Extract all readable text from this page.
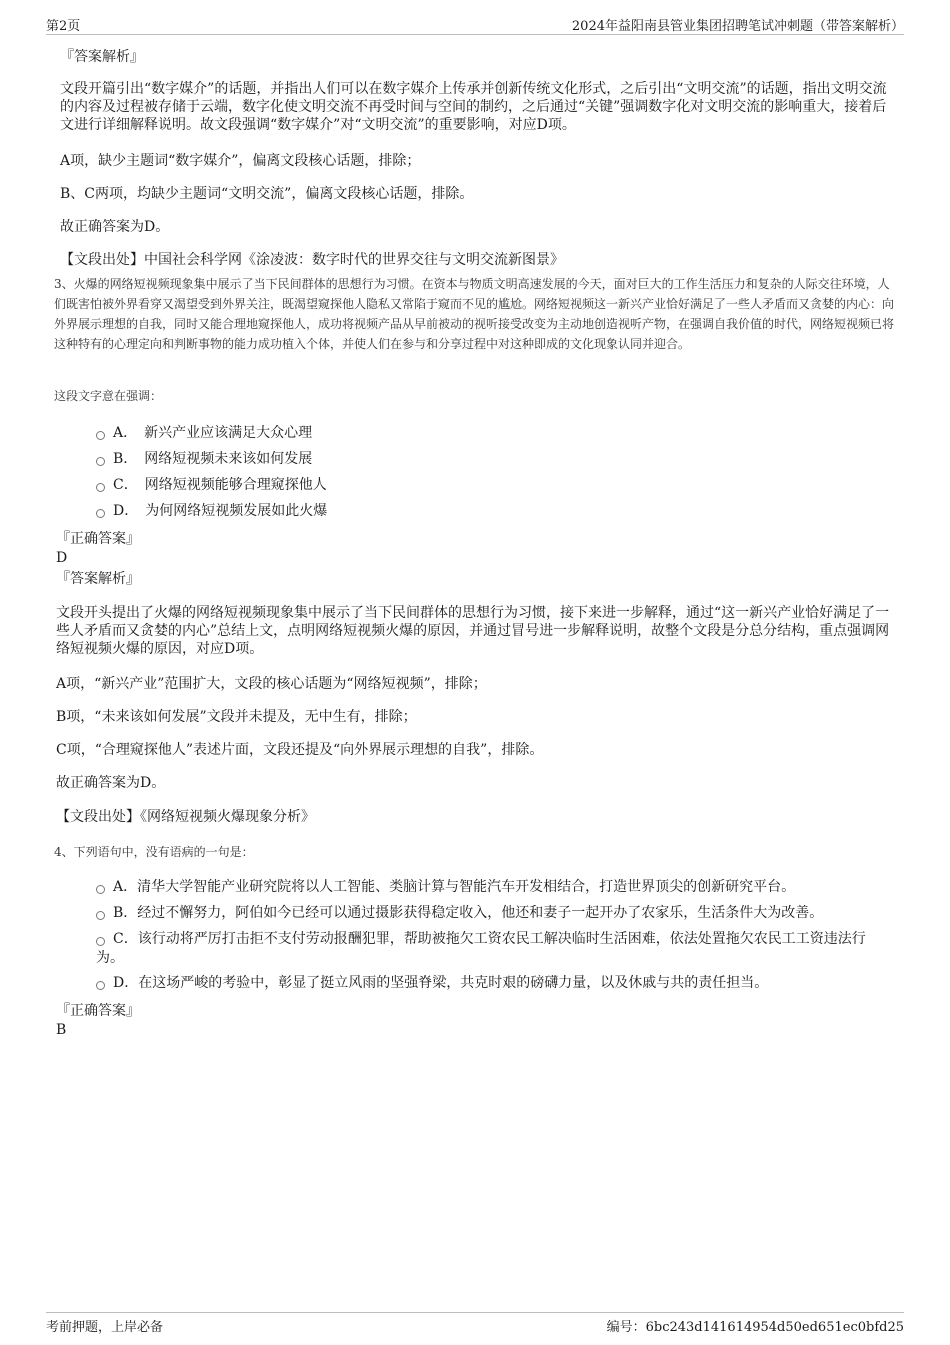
第2页	2024年益阳南县管业集团招聘笔试冲刺题（带答案解析）
『答案解析』
文段开篇引出“数字媒介”的话题，并指出人们可以在数字媒介上传承并创新传统文化形式，之后引出“文明交流”的话题，指出文明交流的内容及过程被存储于云端，数字化使文明交流不再受时间与空间的制约，之后通过“关键”强调数字化对文明交流的影响重大，接着后文进行详细解释说明。故文段强调“数字媒介”对“文明交流”的重要影响，对应D项。
A项，缺少主题词“数字媒介”，偏离文段核心话题，排除；
B、C两项，均缺少主题词“文明交流”，偏离文段核心话题，排除。
故正确答案为D。
【文段出处】中国社会科学网《涂凌波：数字时代的世界交往与文明交流新图景》
3、火爆的网络短视频现象集中展示了当下民间群体的思想行为习惯。在资本与物质文明高速发展的今天，面对巨大的工作生活压力和复杂的人际交往环境，人们既害怕被外界看穿又渴望受到外界关注，既渴望窥探他人隐私又常陷于窥而不见的尴尬。网络短视频这一新兴产业恰好满足了一些人矛盾而又贪婪的内心：向外界展示理想的自我，同时又能合理地窥探他人，成功将视频产品从早前被动的视听接受改变为主动地创造视听产物，在强调自我价值的时代，网络短视频已将这种特有的心理定向和判断事物的能力成功植入个体，并使人们在参与和分享过程中对这种即成的文化现象认同并迎合。
这段文字意在强调：
A．　新兴产业应该满足大众心理
B．　网络短视频未来该如何发展
C．　网络短视频能够合理窥探他人
D．　为何网络短视频发展如此火爆
『正确答案』
D
『答案解析』
文段开头提出了火爆的网络短视频现象集中展示了当下民间群体的思想行为习惯，接下来进一步解释，通过“这一新兴产业恰好满足了一些人矛盾而又贪婪的内心”总结上文，点明网络短视频火爆的原因，并通过冒号进一步解释说明，故整个文段是分总分结构，重点强调网络短视频火爆的原因，对应D项。
A项，“新兴产业”范围扩大，文段的核心话题为“网络短视频”，排除；
B项，“未来该如何发展”文段并未提及，无中生有，排除；
C项，“合理窥探他人”表述片面，文段还提及“向外界展示理想的自我”，排除。
故正确答案为D。
【文段出处】《网络短视频火爆现象分析》
4、下列语句中，没有语病的一句是：
A．清华大学智能产业研究院将以人工智能、类脑计算与智能汽车开发相结合，打造世界顶尖的创新研究平台。
B．经过不懈努力，阿伯如今已经可以通过摄影获得稳定收入，他还和妻子一起开办了农家乐，生活条件大为改善。
C．该行动将严厉打击拒不支付劳动报酬犯罪，帮助被拖欠工资农民工解决临时生活困难，依法处置拖欠农民工工资违法行为。
D．在这场严峻的考验中，彰显了挺立风雨的坚强脊梁，共克时艰的磅礴力量，以及休戚与共的责任担当。
『正确答案』
B
考前押题，上岸必备	编号：6bc243d141614954d50ed651ec0bfd25
